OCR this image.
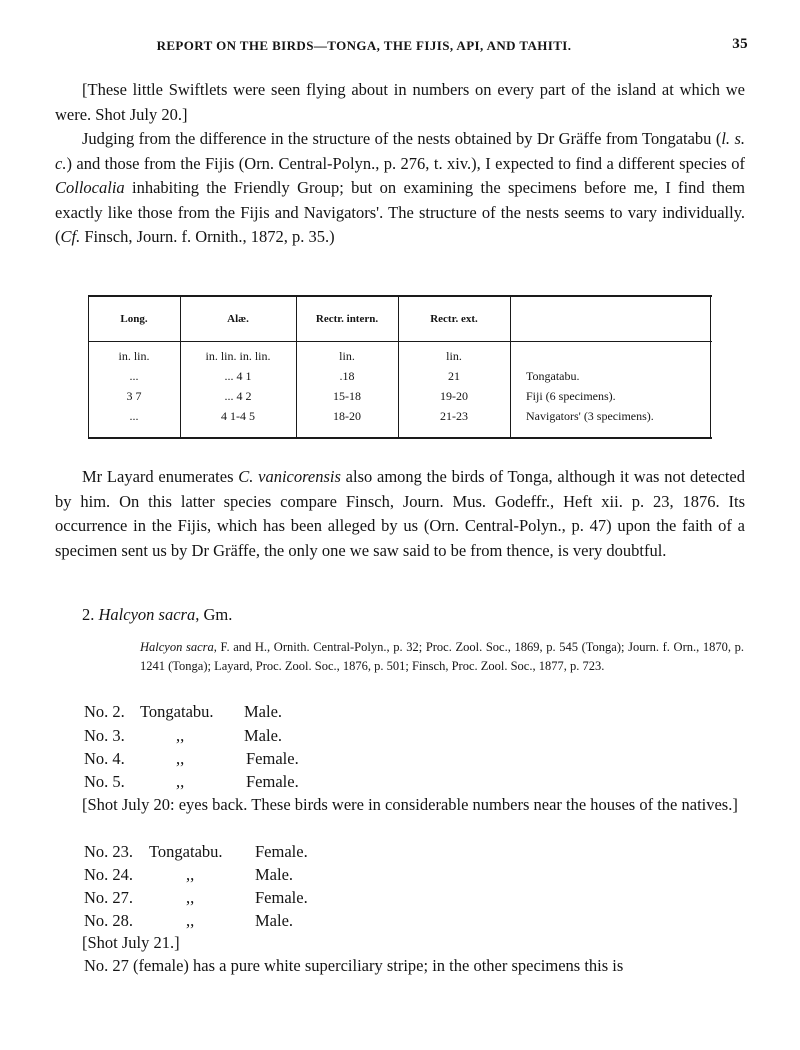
REPORT ON THE BIRDS—TONGA, THE FIJIS, API, AND TAHITI.	35

[These little Swiftlets were seen flying about in numbers on every part of the island at which we were. Shot July 20.]

Judging from the difference in the structure of the nests obtained by Dr Gräffe from Tongatabu (l. s. c.) and those from the Fijis (Orn. Central-Polyn., p. 276, t. xiv.), I expected to find a different species of Collocalia inhabiting the Friendly Group; but on examining the specimens before me, I find them exactly like those from the Fijis and Navigators'. The structure of the nests seems to vary individually. (Cf. Finsch, Journ. f. Ornith., 1872, p. 35.)

Long.	Alæ.	Rectr. intern.	Rectr. ext.
in. lin.	in. lin. in. lin.	lin.	lin.
...	... 4 1	.18	21	Tongatabu.
3 7	... 4 2	15-18	19-20	Fiji (6 specimens).
...	4 1-4 5	18-20	21-23	Navigators' (3 specimens).

Mr Layard enumerates C. vanicorensis also among the birds of Tonga, although it was not detected by him. On this latter species compare Finsch, Journ. Mus. Godeffr., Heft xii. p. 23, 1876. Its occurrence in the Fijis, which has been alleged by us (Orn. Central-Polyn., p. 47) upon the faith of a specimen sent us by Dr Gräffe, the only one we saw said to be from thence, is very doubtful.

2. Halcyon sacra, Gm.
Halcyon sacra, F. and H., Ornith. Central-Polyn., p. 32; Proc. Zool. Soc., 1869, p. 545 (Tonga); Journ. f. Orn., 1870, p. 1241 (Tonga); Layard, Proc. Zool. Soc., 1876, p. 501; Finsch, Proc. Zool. Soc., 1877, p. 723.
No. 2. Tongatabu. Male.
No. 3.	,,	Male.
No. 4.	,,	Female.
No. 5.	,,	Female.

[Shot July 20: eyes back. These birds were in considerable numbers near the houses of the natives.]

No. 23. Tongatabu. Female.
No. 24.	,,	Male.
No. 27.	,,	Female.
No. 28.	,,	Male.
[Shot July 21.]
No. 27 (female) has a pure white superciliary stripe; in the other specimens this is
